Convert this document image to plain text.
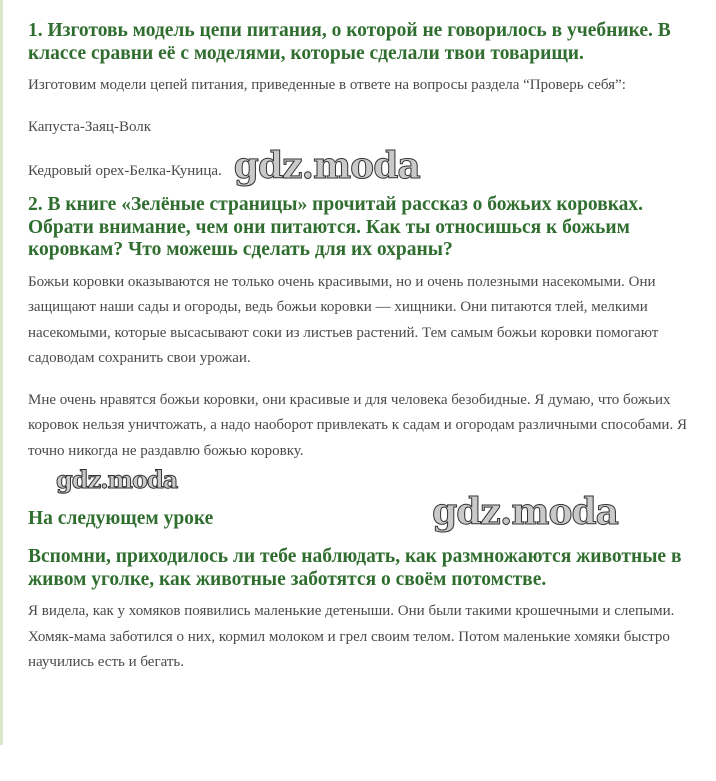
1. Изготовь модель цепи питания, о которой не говорилось в учебнике. В классе сравни её с моделями, которые сделали твои товарищи.

Изготовим модели цепей питания, приведенные в ответе на вопросы раздела “Проверь себя”:

Капуста-Заяц-Волк

Кедровый орех-Белка-Куница. gdz.moda
2. В книге «Зелёные страницы» прочитай рассказ о божьих коровках. Обрати внимание, чем они питаются. Как ты относишься к божьим коровкам? Что можешь сделать для их охраны?

Божьи коровки оказываются не только очень красивыми, но и очень полезными насекомыми. Они защищают наши сады и огороды, ведь божьи коровки — хищники. Они питаются тлей, мелкими насекомыми, которые высасывают соки из листьев растений. Тем самым божьи коровки помогают садоводам сохранить свои урожаи.

Мне очень нравятся божьи коровки, они красивые и для человека безобидные. Я думаю, что божьих коровок нельзя уничтожать, а надо наоборот привлекать к садам и огородам различными способами. Я точно никогда не раздавлю божью коровку.

gdz.moda
На следующем уроке	gdz.moda
Вспомни, приходилось ли тебе наблюдать, как размножаются животные в живом уголке, как животные заботятся о своём потомстве.

Я видела, как у хомяков появились маленькие детеныши. Они были такими крошечными и слепыми. Хомяк-мама заботился о них, кормил молоком и грел своим телом. Потом маленькие хомяки быстро научились есть и бегать.
